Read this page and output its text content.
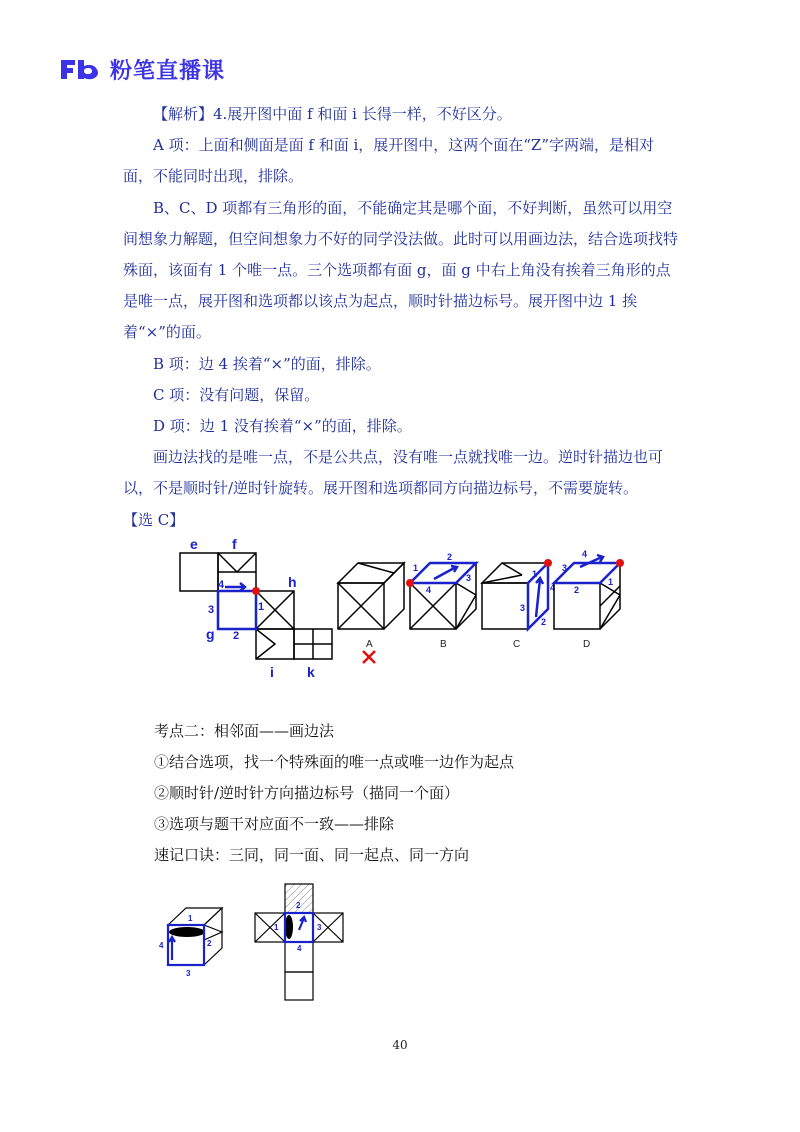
粉笔直播课
【解析】4.展开图中面 f 和面 i 长得一样，不好区分。
A 项：上面和侧面是面 f 和面 i，展开图中，这两个面在“Z”字两端，是相对面，不能同时出现，排除。
B、C、D 项都有三角形的面，不能确定其是哪个面，不好判断，虽然可以用空间想象力解题，但空间想象力不好的同学没法做。此时可以用画边法，结合选项找特殊面，该面有 1 个唯一点。三个选项都有面 g，面 g 中右上角没有挨着三角形的点是唯一点，展开图和选项都以该点为起点，顺时针描边标号。展开图中边 1 挨着“×”的面。
B 项：边 4 挨着“×”的面，排除。
C 项：没有问题，保留。
D 项：边 1 没有挨着“×”的面，排除。
画边法找的是唯一点，不是公共点，没有唯一点就找唯一边。逆时针描边也可以，不是顺时针/逆时针旋转。展开图和选项都同方向描边标号，不需要旋转。
【选 C】
4
1
2
3
e f
h
g
i k
A
1
2
3
4
B
1
2
3
4
C
1
2
3
4
D
考点二：相邻面——画边法
①结合选项，找一个特殊面的唯一点或唯一边作为起点
②顺时针/逆时针方向描边标号（描同一个面）
③选项与题干对应面不一致——排除
速记口诀：三同，同一面、同一起点、同一方向
1
2
3
4
1
2
3
4
40
